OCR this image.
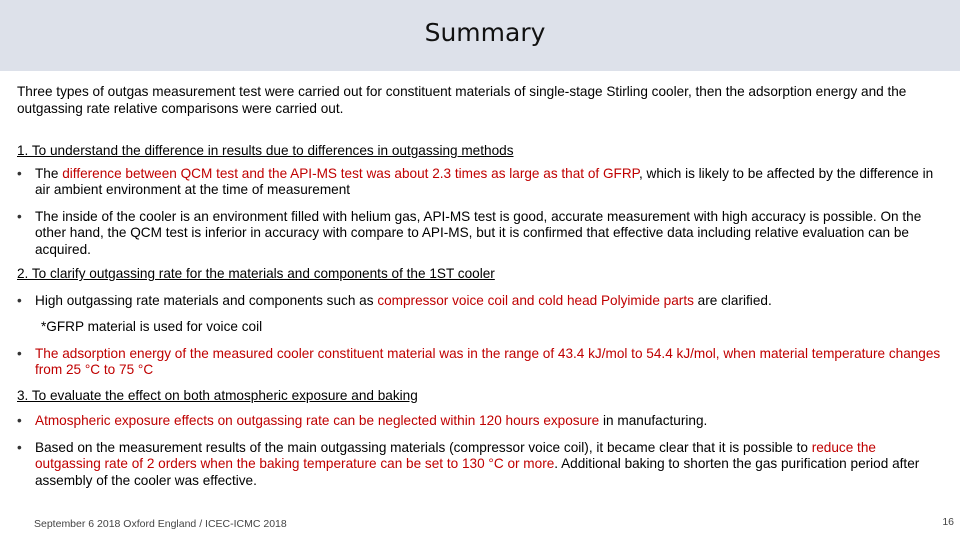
Summary

Three types of outgas measurement test were carried out for constituent materials of single-stage Stirling cooler, then the adsorption energy and the outgassing rate relative comparisons were carried out.

1. To understand the difference in results due to differences in outgassing methods

• The difference between QCM test and the API-MS test was about 2.3 times as large as that of GFRP, which is likely to be affected by the difference in air ambient environment at the time of measurement

• The inside of the cooler is an environment filled with helium gas, API-MS test is good, accurate measurement with high accuracy is possible. On the other hand, the QCM test is inferior in accuracy with compare to API-MS, but it is confirmed that effective data including relative evaluation can be acquired.

2. To clarify outgassing rate for the materials and components of the 1ST cooler

• High outgassing rate materials and components such as compressor voice coil and cold head Polyimide parts are clarified.

*GFRP material is used for voice coil

• The adsorption energy of the measured cooler constituent material was in the range of 43.4 kJ/mol to 54.4 kJ/mol, when material temperature changes from 25 °C to 75 °C

3. To evaluate the effect on both atmospheric exposure and baking

• Atmospheric exposure effects on outgassing rate can be neglected within 120 hours exposure in manufacturing.

• Based on the measurement results of the main outgassing materials (compressor voice coil), it became clear that it is possible to reduce the outgassing rate of 2 orders when the baking temperature can be set to 130 °C or more. Additional baking to shorten the gas purification period after assembly of the cooler was effective.

September 6 2018 Oxford England / ICEC-ICMC 2018	16
